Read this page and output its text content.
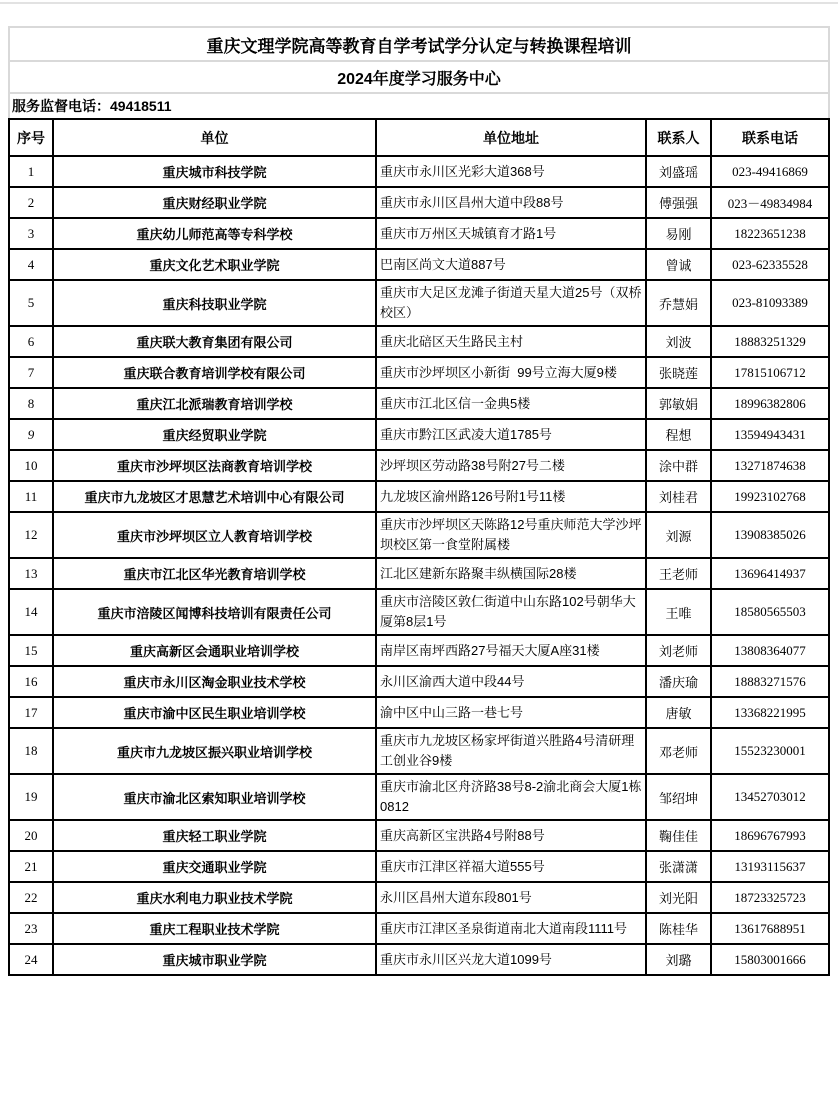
重庆文理学院高等教育自学考试学分认定与转换课程培训
2024年度学习服务中心
服务监督电话：49418511
序号	单位	单位地址	联系人	联系电话
1	重庆城市科技学院	重庆市永川区光彩大道368号	刘盛瑶	023-49416869
2	重庆财经职业学院	重庆市永川区昌州大道中段88号	傅强强	023－49834984
3	重庆幼儿师范高等专科学校	重庆市万州区天城镇育才路1号	易刚	18223651238
4	重庆文化艺术职业学院	巴南区尚文大道887号	曾诚	023-62335528
5	重庆科技职业学院	重庆市大足区龙滩子街道天星大道25号（双桥校区）	乔慧娟	023-81093389
6	重庆联大教育集团有限公司	重庆北碚区天生路民主村	刘波	18883251329
7	重庆联合教育培训学校有限公司	重庆市沙坪坝区小新街  99号立海大厦9楼	张晓莲	17815106712
8	重庆江北派瑞教育培训学校	重庆市江北区信一金典5楼	郭敏娟	18996382806
9	重庆经贸职业学院	重庆市黔江区武凌大道1785号	程想	13594943431
10	重庆市沙坪坝区法商教育培训学校	沙坪坝区劳动路38号附27号二楼	涂中群	13271874638
11	重庆市九龙坡区才思慧艺术培训中心有限公司	九龙坡区渝州路126号附1号11楼	刘桂君	19923102768
12	重庆市沙坪坝区立人教育培训学校	重庆市沙坪坝区天陈路12号重庆师范大学沙坪坝校区第一食堂附属楼	刘源	13908385026
13	重庆市江北区华光教育培训学校	江北区建新东路聚丰纵横国际28楼	王老师	13696414937
14	重庆市涪陵区闻博科技培训有限责任公司	重庆市涪陵区敦仁街道中山东路102号朝华大厦第8层1号	王唯	18580565503
15	重庆高新区会通职业培训学校	南岸区南坪西路27号福天大厦A座31楼	刘老师	13808364077
16	重庆市永川区淘金职业技术学校	永川区渝西大道中段44号	潘庆瑜	18883271576
17	重庆市渝中区民生职业培训学校	渝中区中山三路一巷七号	唐敏	13368221995
18	重庆市九龙坡区振兴职业培训学校	重庆市九龙坡区杨家坪街道兴胜路4号清研理工创业谷9楼	邓老师	15523230001
19	重庆市渝北区索知职业培训学校	重庆市渝北区舟济路38号8-2渝北商会大厦1栋0812	邹绍坤	13452703012
20	重庆轻工职业学院	重庆高新区宝洪路4号附88号	鞠佳佳	18696767993
21	重庆交通职业学院	重庆市江津区祥福大道555号	张潇潇	13193115637
22	重庆水利电力职业技术学院	永川区昌州大道东段801号	刘光阳	18723325723
23	重庆工程职业技术学院	重庆市江津区圣泉街道南北大道南段1111号	陈桂华	13617688951
24	重庆城市职业学院	重庆市永川区兴龙大道1099号	刘璐	15803001666
